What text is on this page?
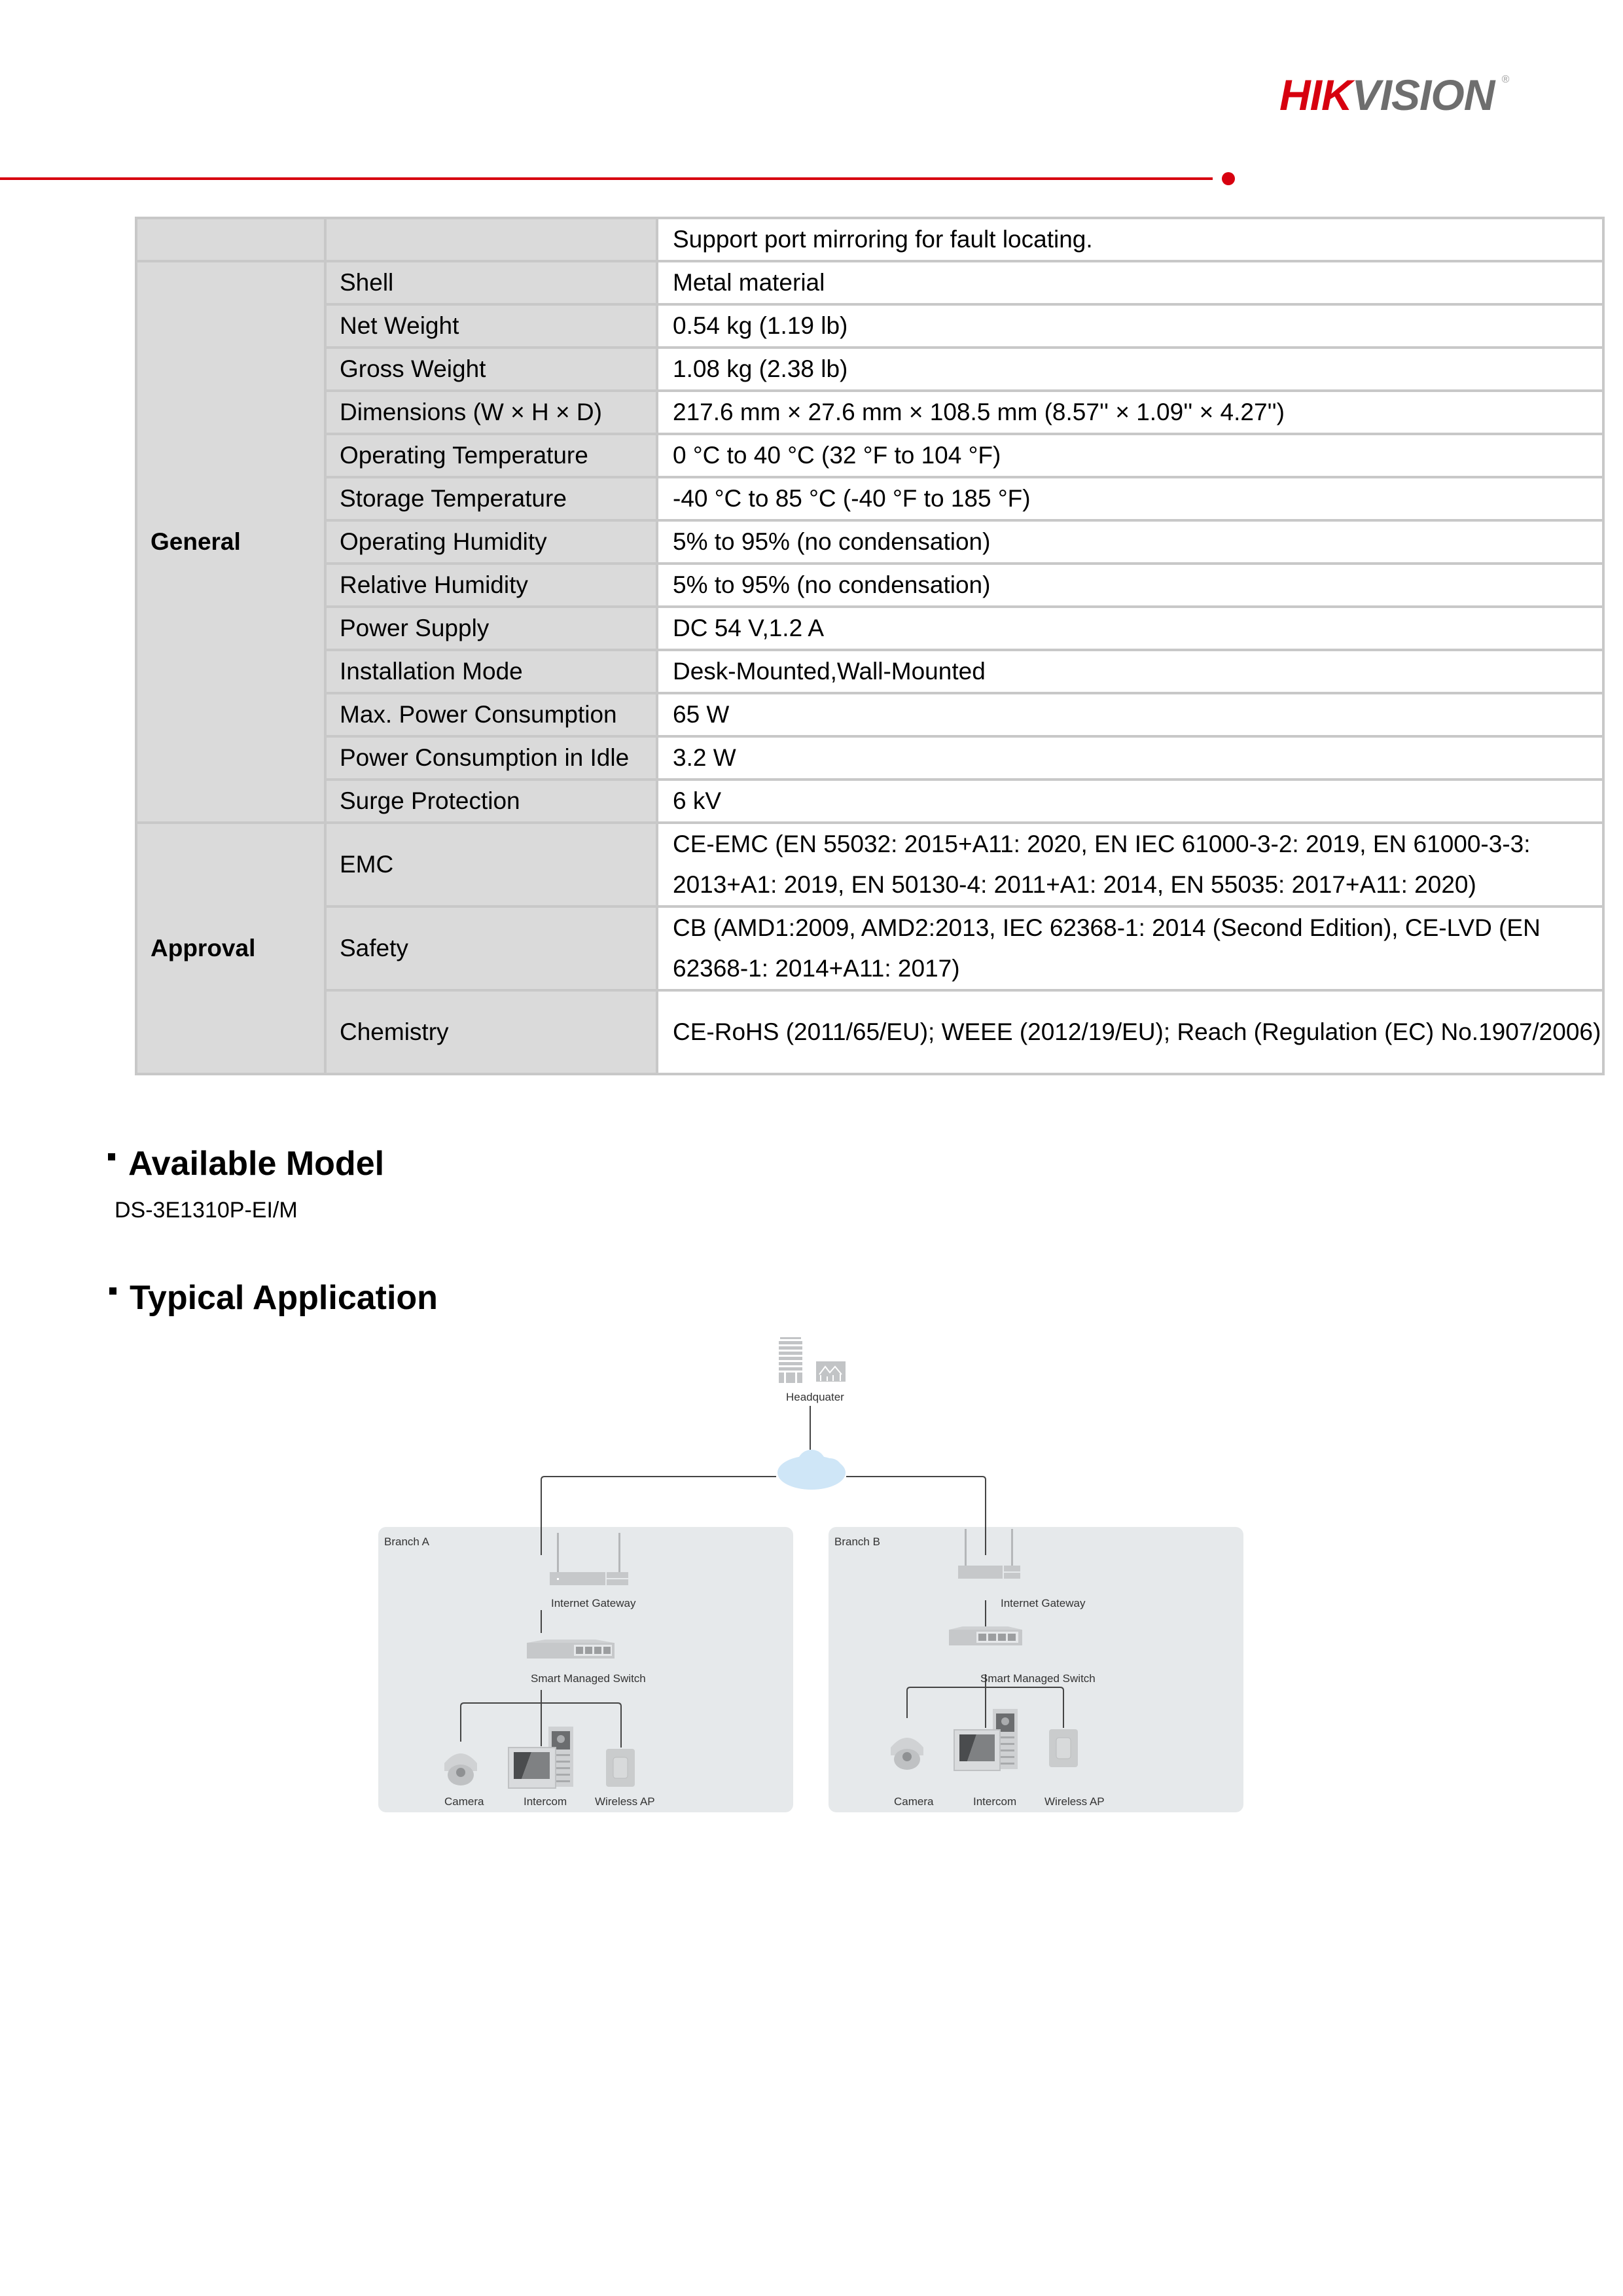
HIKVISION ®
		Support port mirroring for fault locating.
General	Shell	Metal material
	Net Weight	0.54 kg (1.19 lb)
	Gross Weight	1.08 kg (2.38 lb)
	Dimensions (W × H × D)	217.6 mm × 27.6 mm × 108.5 mm (8.57'' × 1.09'' × 4.27'')
	Operating Temperature	0 °C to 40 °C (32 °F to 104 °F)
	Storage Temperature	-40 °C to 85 °C (-40 °F to 185 °F)
	Operating Humidity	5% to 95% (no condensation)
	Relative Humidity	5% to 95% (no condensation)
	Power Supply	DC 54 V,1.2 A
	Installation Mode	Desk-Mounted,Wall-Mounted
	Max. Power Consumption	65 W
	Power Consumption in Idle	3.2 W
	Surge Protection	6 kV
Approval	EMC	CE-EMC (EN 55032: 2015+A11: 2020, EN IEC 61000-3-2: 2019, EN 61000-3-3: 2013+A1: 2019, EN 50130-4: 2011+A1: 2014, EN 55035: 2017+A11: 2020)
	Safety	CB (AMD1:2009, AMD2:2013, IEC 62368-1: 2014 (Second Edition), CE-LVD (EN 62368-1: 2014+A11: 2017)
	Chemistry	CE-RoHS (2011/65/EU); WEEE (2012/19/EU); Reach (Regulation (EC) No.1907/2006)
Available Model
DS-3E1310P-EI/M
Typical Application
Branch A	Branch B
Headquater
Internet Gateway
Smart Managed Switch
Camera	Intercom	Wireless AP
Internet Gateway
Smart Managed Switch
Camera	Intercom	Wireless AP
